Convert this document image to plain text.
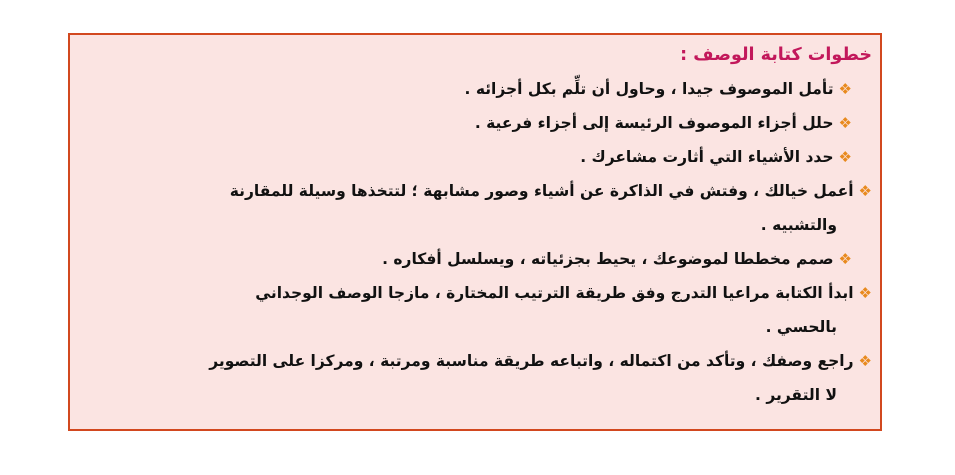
خطوات كتابة الوصف :
❖تأمل الموصوف جيدا ، وحاول أن تلِّم بكل أجزائه .
❖حلل أجزاء الموصوف الرئيسة إلى أجزاء فرعية .
❖حدد الأشياء التي أثارت مشاعرك .
❖أعمل خيالك ، وفتش في الذاكرة عن أشياء وصور مشابهة ؛ لتتخذها وسيلة للمقارنة
والتشبيه .
❖صمم مخططا لموضوعك ، يحيط بجزئياته ، ويسلسل أفكاره .
❖ابدأ الكتابة مراعيا التدرج وفق طريقة الترتيب المختارة ، مازجا الوصف الوجداني
بالحسي .
❖راجع وصفك ، وتأكد من اكتماله ، واتباعه طريقة مناسبة ومرتبة ، ومركزا على التصوير
لا التقرير .
